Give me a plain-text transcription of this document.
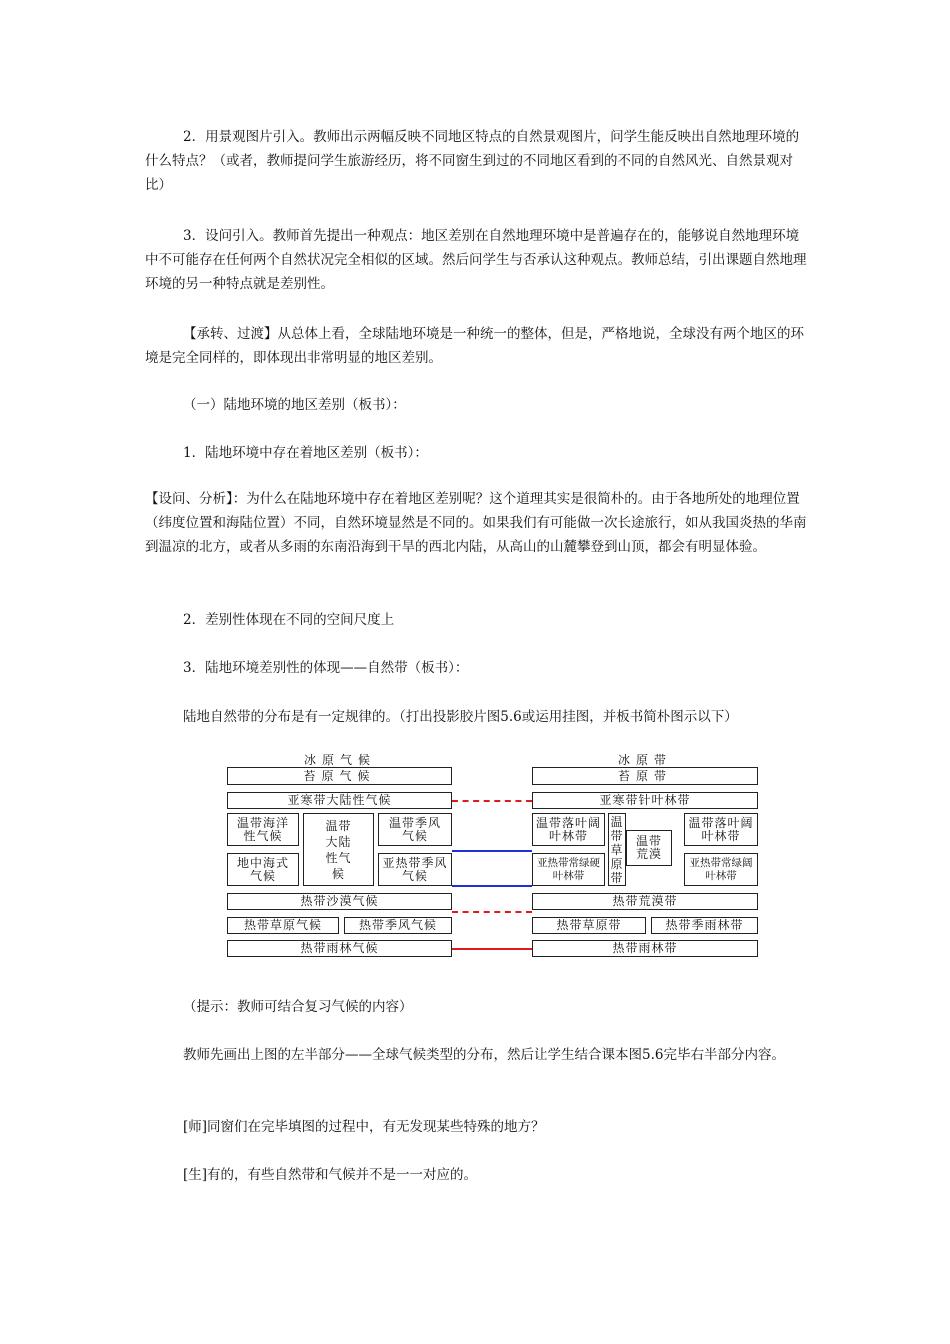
2．用景观图片引入。教师出示两幅反映不同地区特点的自然景观图片，问学生能反映出自然地理环境的什么特点？（或者，教师提问学生旅游经历，将不同窗生到过的不同地区看到的不同的自然风光、自然景观对比）

3．设问引入。教师首先提出一种观点：地区差别在自然地理环境中是普遍存在的，能够说自然地理环境中不可能存在任何两个自然状况完全相似的区域。然后问学生与否承认这种观点。教师总结，引出课题自然地理环境的另一种特点就是差别性。

【承转、过渡】从总体上看，全球陆地环境是一种统一的整体，但是，严格地说，全球没有两个地区的环境是完全同样的，即体现出非常明显的地区差别。

（一）陆地环境的地区差别（板书）：

1．陆地环境中存在着地区差别（板书）：

【设问、分析】：为什么在陆地环境中存在着地区差别呢？这个道理其实是很简朴的。由于各地所处的地理位置（纬度位置和海陆位置）不同，自然环境显然是不同的。如果我们有可能做一次长途旅行，如从我国炎热的华南到温凉的北方，或者从多雨的东南沿海到干旱的西北内陆，从高山的山麓攀登到山顶，都会有明显体验。

2．差别性体现在不同的空间尺度上

3．陆地环境差别性的体现——自然带（板书）：

陆地自然带的分布是有一定规律的。（打出投影胶片图5.6或运用挂图，并板书简朴图示以下）

冰原气候
苔原气候
亚寒带大陆性气候
温带海洋性气候
温带大陆性气候
温带季风气候
地中海式气候
亚热带季风气候
热带沙漠气候
热带草原气候	热带季风气候
热带雨林气候
冰原带
苔原带
亚寒带针叶林带
温带落叶阔叶林带
温带草原带
温带荒漠
温带落叶阔叶林带
亚热带常绿硬叶林带
亚热带常绿阔叶林带
热带荒漠带
热带草原带	热带季雨林带
热带雨林带

（提示：教师可结合复习气候的内容）

教师先画出上图的左半部分——全球气候类型的分布，然后让学生结合课本图5.6完毕右半部分内容。

[师]同窗们在完毕填图的过程中，有无发现某些特殊的地方？

[生]有的，有些自然带和气候并不是一一对应的。
